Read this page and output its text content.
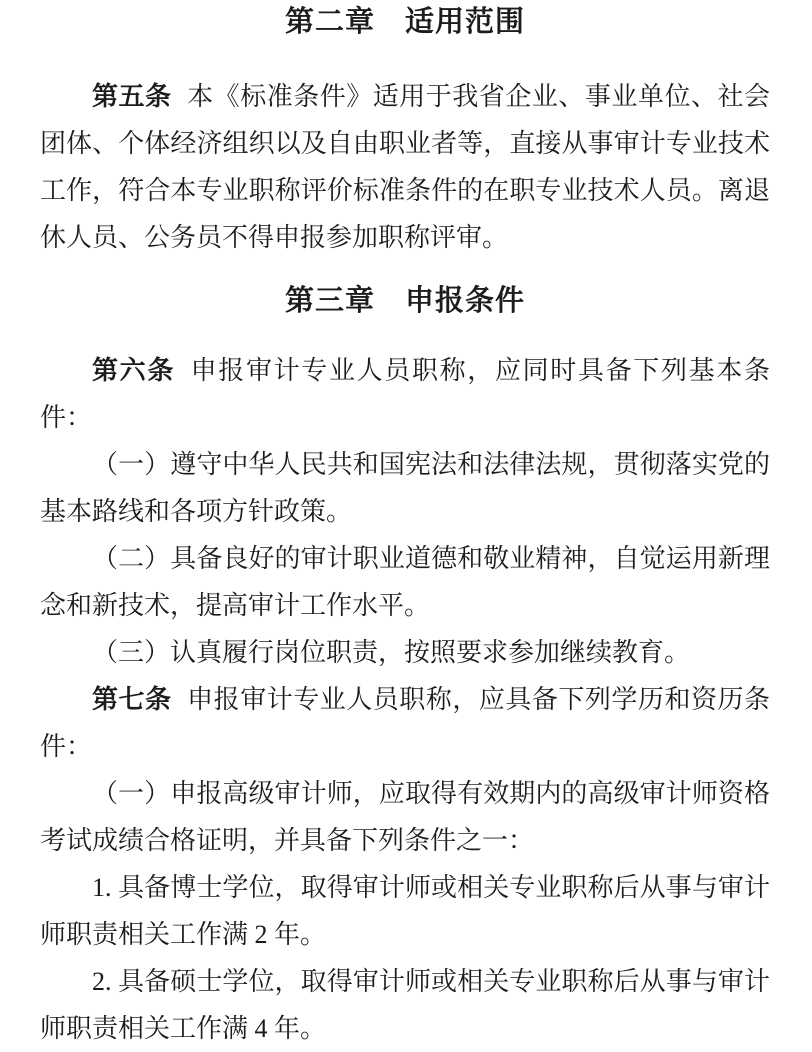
第二章　适用范围

第五条 本《标准条件》适用于我省企业、事业单位、社会团体、个体经济组织以及自由职业者等，直接从事审计专业技术工作，符合本专业职称评价标准条件的在职专业技术人员。离退休人员、公务员不得申报参加职称评审。

第三章　申报条件

第六条 申报审计专业人员职称，应同时具备下列基本条件：

（一）遵守中华人民共和国宪法和法律法规，贯彻落实党的基本路线和各项方针政策。

（二）具备良好的审计职业道德和敬业精神，自觉运用新理念和新技术，提高审计工作水平。

（三）认真履行岗位职责，按照要求参加继续教育。

第七条 申报审计专业人员职称，应具备下列学历和资历条件：

（一）申报高级审计师，应取得有效期内的高级审计师资格考试成绩合格证明，并具备下列条件之一：

1. 具备博士学位，取得审计师或相关专业职称后从事与审计师职责相关工作满 2 年。

2. 具备硕士学位，取得审计师或相关专业职称后从事与审计师职责相关工作满 4 年。
